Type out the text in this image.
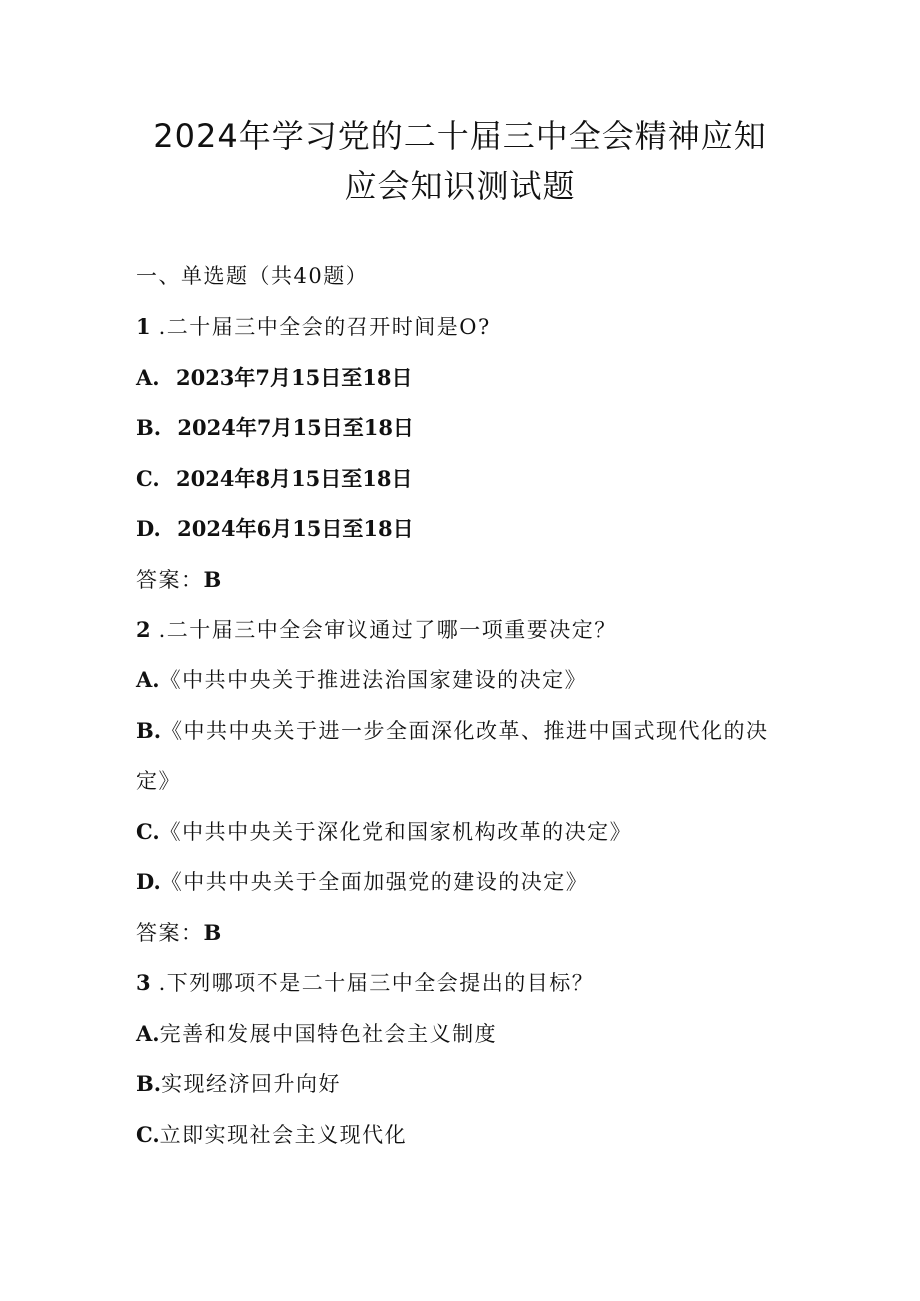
2024年学习党的二十届三中全会精神应知
应会知识测试题
一、单选题（共40题）
1 .二十届三中全会的召开时间是O?
A. 2023年7月15日至18日
B. 2024年7月15日至18日
C. 2024年8月15日至18日
D. 2024年6月15日至18日
答案：B
2 .二十届三中全会审议通过了哪一项重要决定？
A.《中共中央关于推进法治国家建设的决定》
B.《中共中央关于进一步全面深化改革、推进中国式现代化的决
定》
C.《中共中央关于深化党和国家机构改革的决定》
D.《中共中央关于全面加强党的建设的决定》
答案：B
3 .下列哪项不是二十届三中全会提出的目标？
A.完善和发展中国特色社会主义制度
B.实现经济回升向好
C.立即实现社会主义现代化
